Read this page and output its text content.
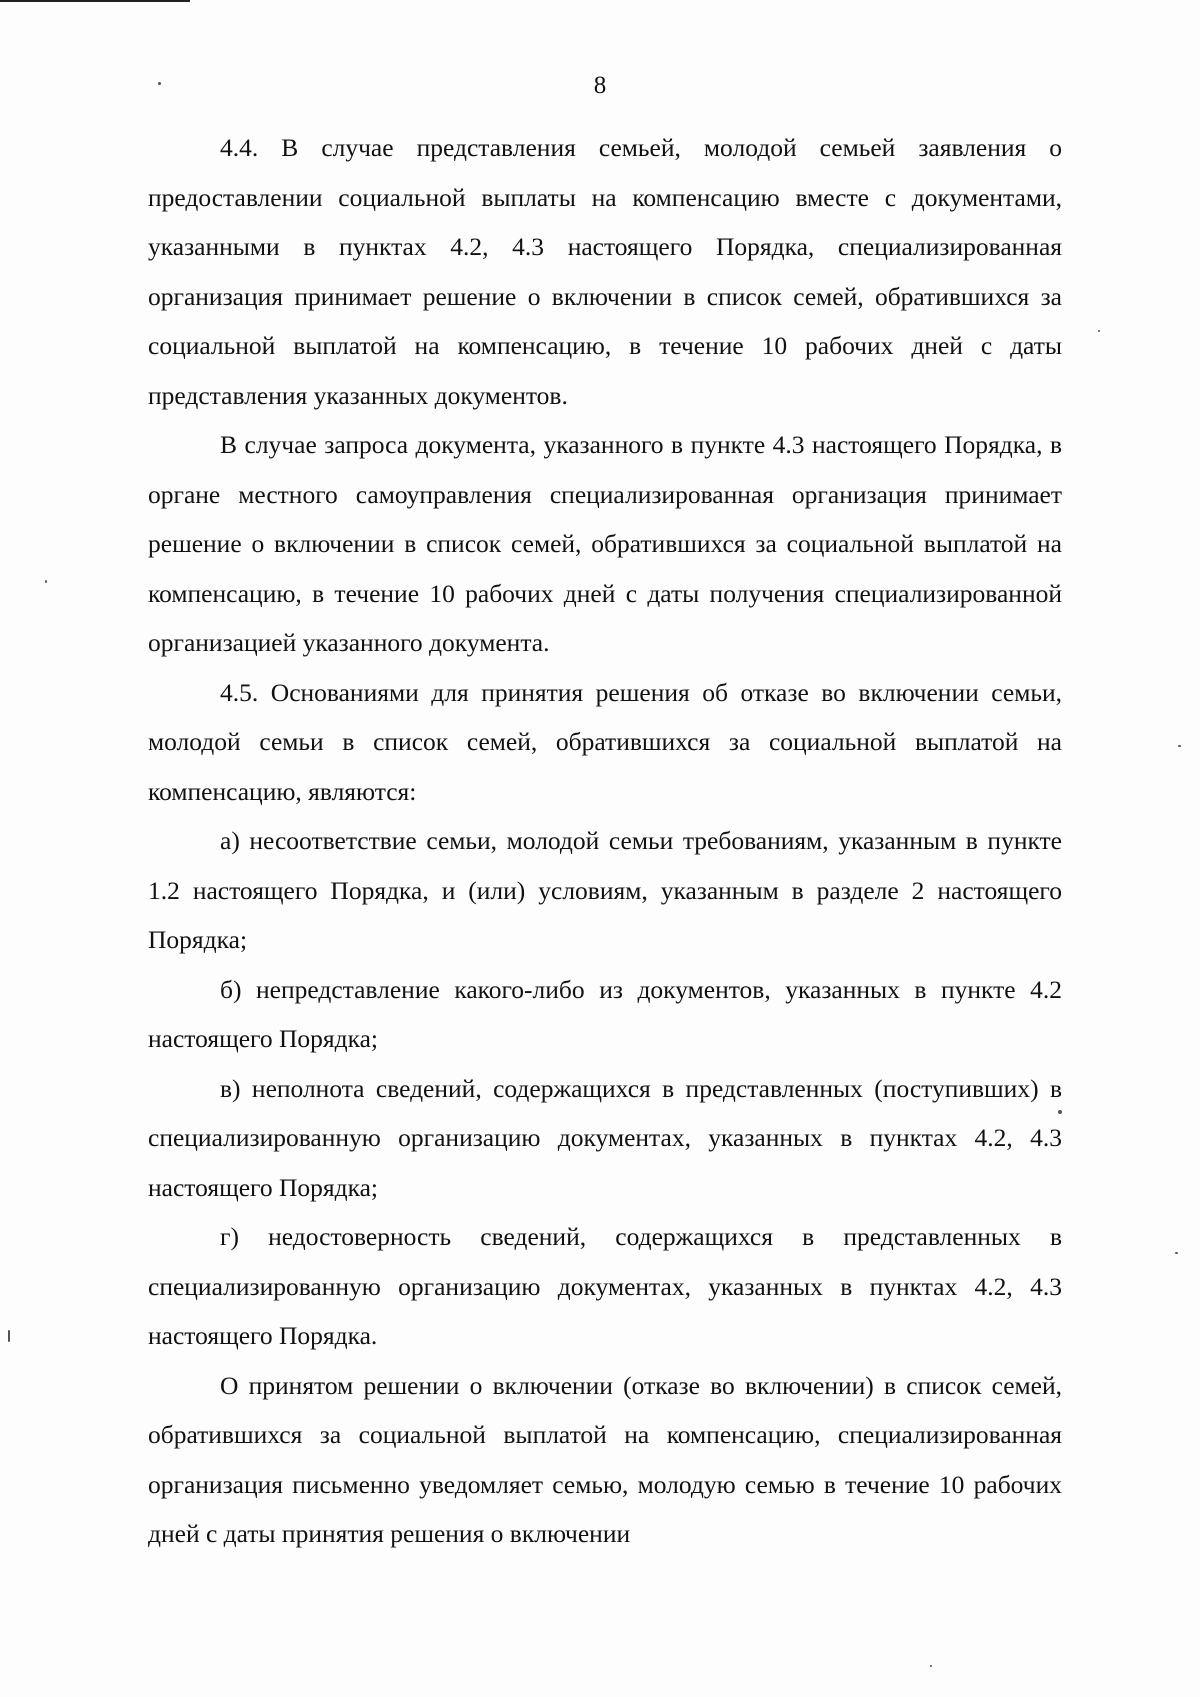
8

4.4. В случае представления семьей, молодой семьей заявления о предоставлении социальной выплаты на компенсацию вместе с документами, указанными в пунктах 4.2, 4.3 настоящего Порядка, специализированная организация принимает решение о включении в список семей, обратившихся за социальной выплатой на компенсацию, в течение 10 рабочих дней с даты представления указанных документов.

В случае запроса документа, указанного в пункте 4.3 настоящего Порядка, в органе местного самоуправления специализированная организация принимает решение о включении в список семей, обратившихся за социальной выплатой на компенсацию, в течение 10 рабочих дней с даты получения специализированной организацией указанного документа.

4.5. Основаниями для принятия решения об отказе во включении семьи, молодой семьи в список семей, обратившихся за социальной выплатой на компенсацию, являются:

а) несоответствие семьи, молодой семьи требованиям, указанным в пункте 1.2 настоящего Порядка, и (или) условиям, указанным в разделе 2 настоящего Порядка;

б) непредставление какого-либо из документов, указанных в пункте 4.2 настоящего Порядка;

в) неполнота сведений, содержащихся в представленных (поступивших) в специализированную организацию документах, указанных в пунктах 4.2, 4.3 настоящего Порядка;

г) недостоверность сведений, содержащихся в представленных в специализированную организацию документах, указанных в пунктах 4.2, 4.3 настоящего Порядка.

О принятом решении о включении (отказе во включении) в список семей, обратившихся за социальной выплатой на компенсацию, специализированная организация письменно уведомляет семью, молодую семью в течение 10 рабочих дней с даты принятия решения о включении
